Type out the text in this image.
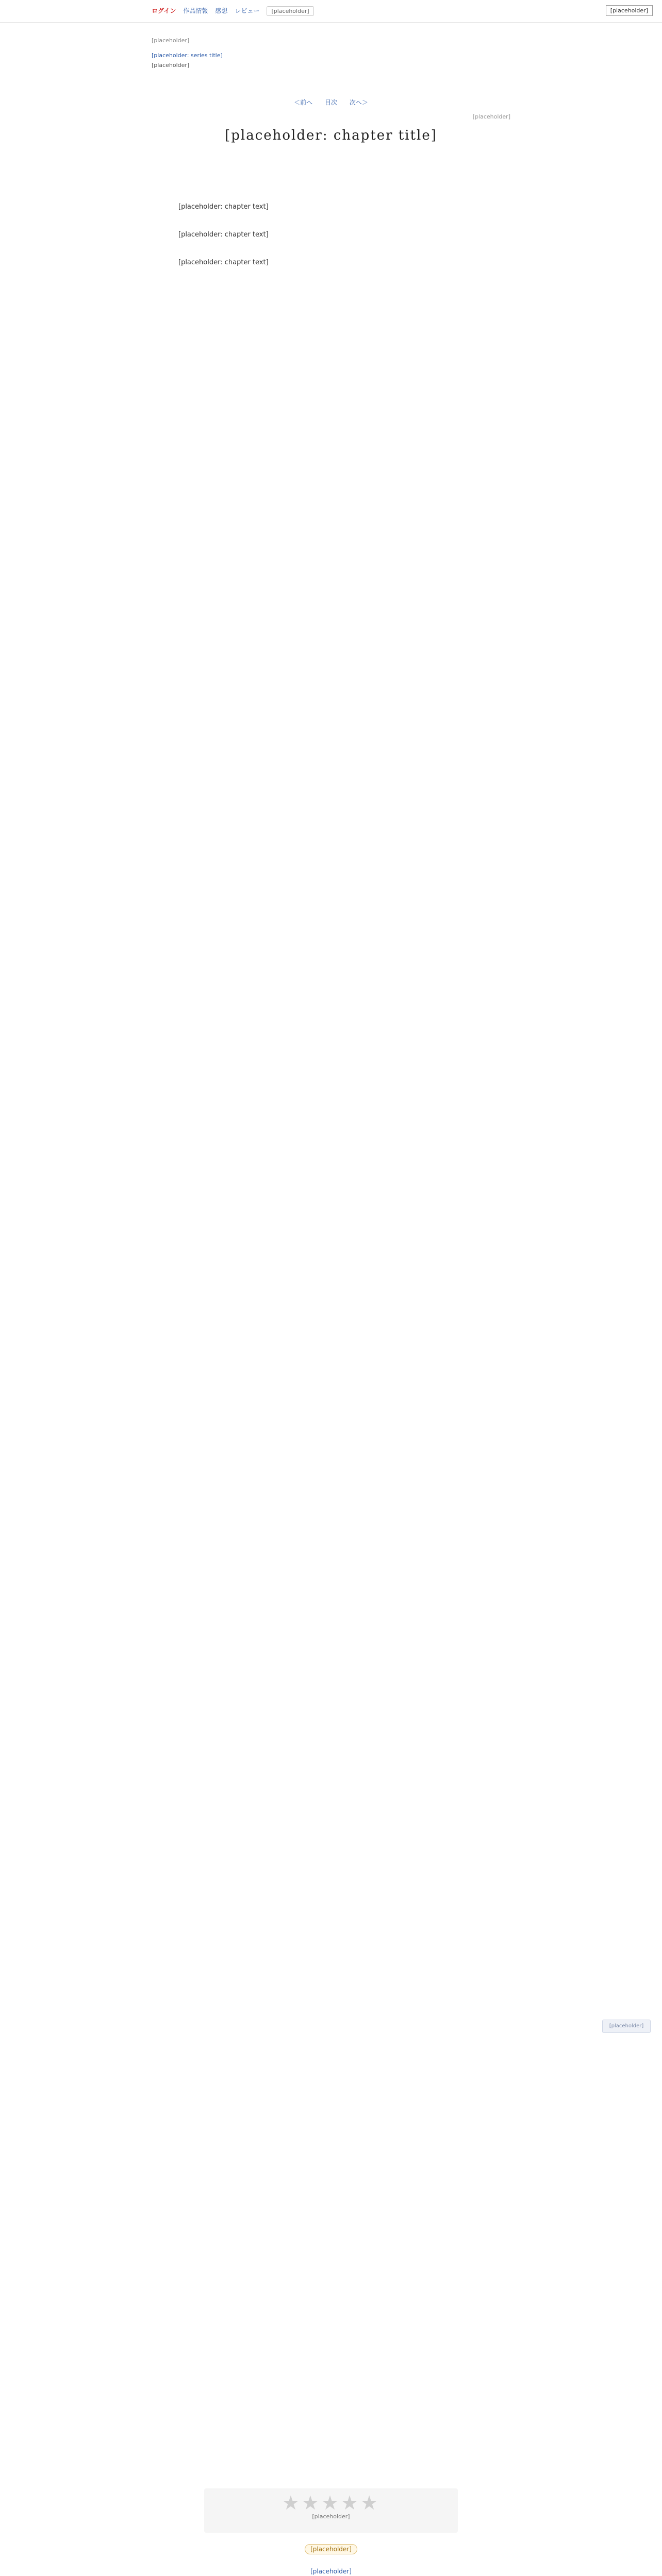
ログイン 作品情報 感想 レビュー	[placeholder]	[placeholder]
[placeholder]
[placeholder: series title]
[placeholder]
＜前へ 目次 次へ＞
[placeholder]
[placeholder: chapter title]

[placeholder: chapter text]

[placeholder: chapter text]

[placeholder: chapter text]

[placeholder]
★★★★★
[placeholder]
[placeholder]
[placeholder]
